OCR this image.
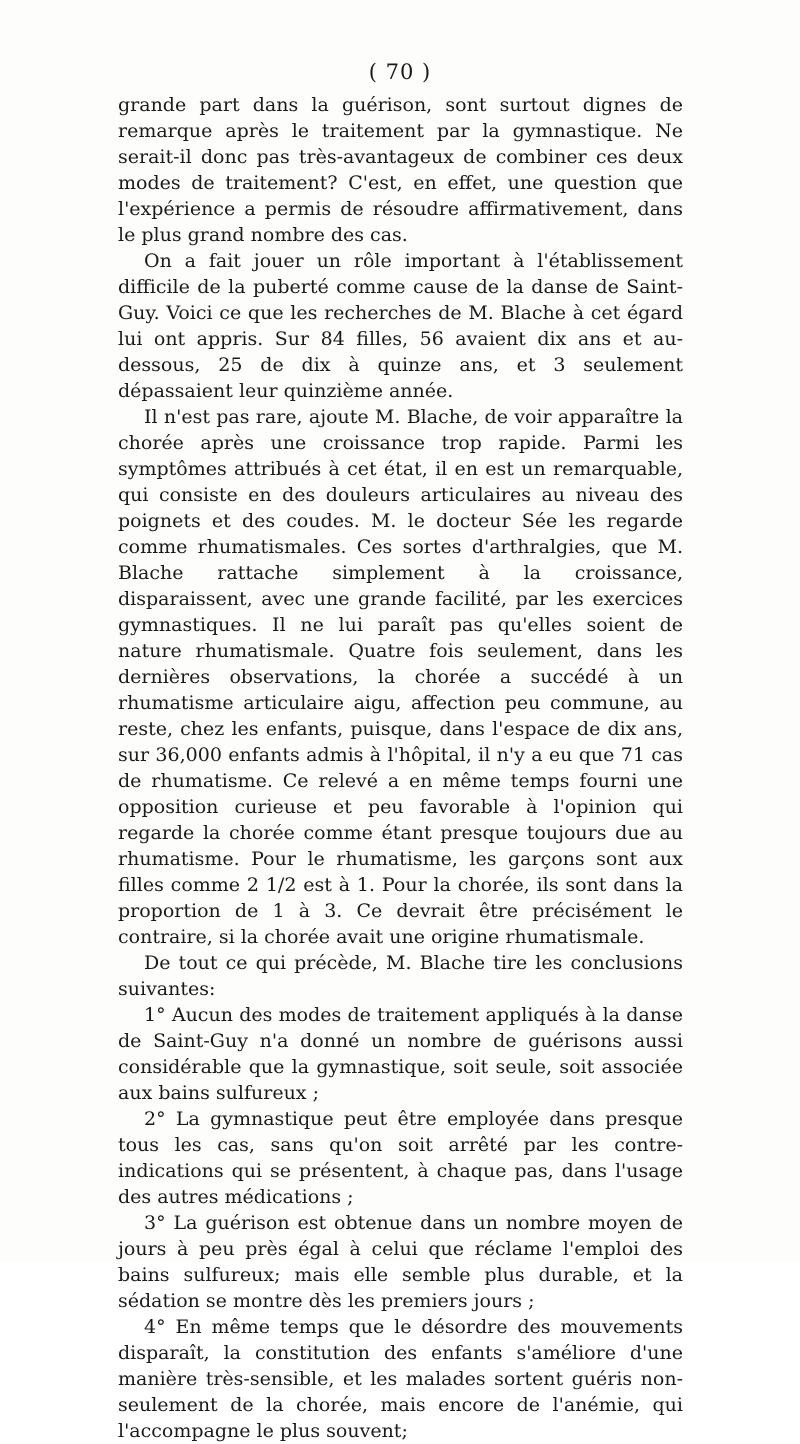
( 70 )

grande part dans la guérison, sont surtout dignes de remarque après le traitement par la gymnastique. Ne serait-il donc pas très-avantageux de combiner ces deux modes de traitement? C'est, en effet, une question que l'expérience a permis de résoudre affirmativement, dans le plus grand nombre des cas.

On a fait jouer un rôle important à l'établissement difficile de la puberté comme cause de la danse de Saint-Guy. Voici ce que les recherches de M. Blache à cet égard lui ont appris. Sur 84 filles, 56 avaient dix ans et au-dessous, 25 de dix à quinze ans, et 3 seulement dépassaient leur quinzième année.

Il n'est pas rare, ajoute M. Blache, de voir apparaître la chorée après une croissance trop rapide. Parmi les symptômes attribués à cet état, il en est un remarquable, qui consiste en des douleurs articulaires au niveau des poignets et des coudes. M. le docteur Sée les regarde comme rhumatismales. Ces sortes d'arthralgies, que M. Blache rattache simplement à la croissance, disparaissent, avec une grande facilité, par les exercices gymnastiques. Il ne lui paraît pas qu'elles soient de nature rhumatismale. Quatre fois seulement, dans les dernières observations, la chorée a succédé à un rhumatisme articulaire aigu, affection peu commune, au reste, chez les enfants, puisque, dans l'espace de dix ans, sur 36,000 enfants admis à l'hôpital, il n'y a eu que 71 cas de rhumatisme. Ce relevé a en même temps fourni une opposition curieuse et peu favorable à l'opinion qui regarde la chorée comme étant presque toujours due au rhumatisme. Pour le rhumatisme, les garçons sont aux filles comme 2 1/2 est à 1. Pour la chorée, ils sont dans la proportion de 1 à 3. Ce devrait être précisément le contraire, si la chorée avait une origine rhumatismale.

De tout ce qui précède, M. Blache tire les conclusions suivantes:

1° Aucun des modes de traitement appliqués à la danse de Saint-Guy n'a donné un nombre de guérisons aussi considérable que la gymnastique, soit seule, soit associée aux bains sulfureux ;

2° La gymnastique peut être employée dans presque tous les cas, sans qu'on soit arrêté par les contre-indications qui se présentent, à chaque pas, dans l'usage des autres médications ;

3° La guérison est obtenue dans un nombre moyen de jours à peu près égal à celui que réclame l'emploi des bains sulfureux; mais elle semble plus durable, et la sédation se montre dès les premiers jours ;

4° En même temps que le désordre des mouvements disparaît, la constitution des enfants s'améliore d'une manière très-sensible, et les malades sortent guéris non-seulement de la chorée, mais encore de l'anémie, qui l'accompagne le plus souvent;
